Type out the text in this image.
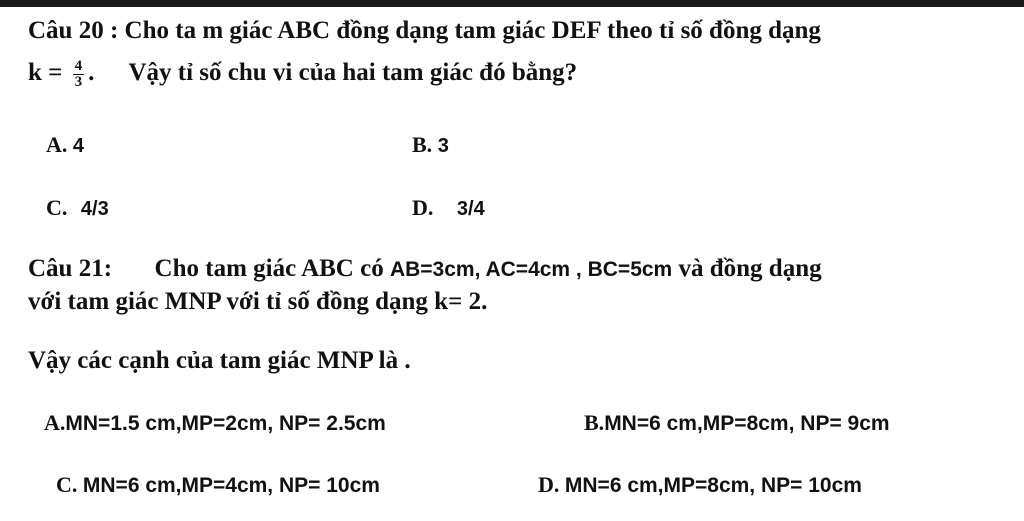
Câu 20 : Cho ta m giác ABC đồng dạng tam giác DEF theo tỉ số đồng dạng
$k = \frac{4}{3}$ . Vậy tỉ số chu vi của hai tam giác đó bằng?
A. 4	B. 3
C. 4/3	D. 3/4
Câu 21: Cho tam giác ABC có AB=3cm, AC=4cm , BC=5cm và đồng dạng
với tam giác MNP với tỉ số đồng dạng k= 2.
Vậy các cạnh của tam giác MNP là .
A.MN=1.5 cm,MP=2cm, NP= 2.5cm	B.MN=6 cm,MP=8cm, NP= 9cm
C. MN=6 cm,MP=4cm, NP= 10cm	D. MN=6 cm,MP=8cm, NP= 10cm
